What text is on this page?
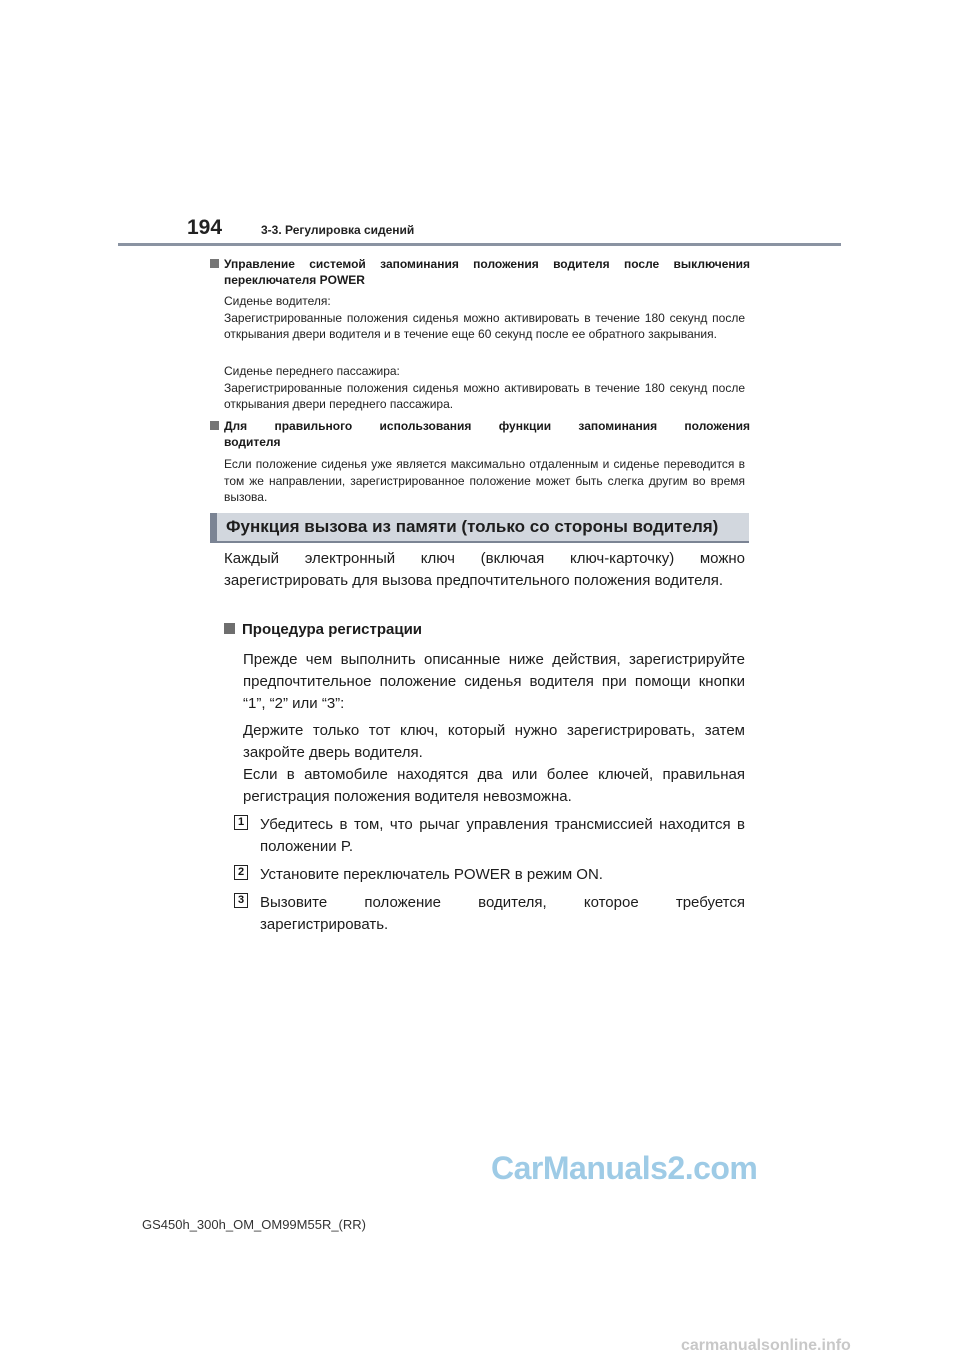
194	3-3. Регулировка сидений
Управление системой запоминания положения водителя после выключения
переключателя POWER

Сиденье водителя:

Зарегистрированные положения сиденья можно активировать в течение 180 секунд после открывания двери водителя и в течение еще 60 секунд после ее обратного закрывания.

Сиденье переднего пассажира:

Зарегистрированные положения сиденья можно активировать в течение 180 секунд после открывания двери переднего пассажира.

Для правильного использования функции запоминания положения
водителя

Если положение сиденья уже является максимально отдаленным и сиденье переводится в том же направлении, зарегистрированное положение может быть слегка другим во время вызова.

Функция вызова из памяти (только со стороны водителя)

Каждый электронный ключ (включая ключ-карточку) можно зарегистрировать для вызова предпочтительного положения водителя.

Процедура регистрации

Прежде чем выполнить описанные ниже действия, зарегистрируйте предпочтительное положение сиденья водителя при помощи кнопки “1”, “2” или “3”:

Держите только тот ключ, который нужно зарегистрировать, затем закройте дверь водителя.

Если в автомобиле находятся два или более ключей, правильная регистрация положения водителя невозможна.

1 Убедитесь в том, что рычаг управления трансмиссией находится в положении P.

2 Установите переключатель POWER в режим ON.

3 Вызовите положение водителя, которое требуется зарегистрировать.

CarManuals2.com
GS450h_300h_OM_OM99M55R_(RR)
carmanualsonline.info
